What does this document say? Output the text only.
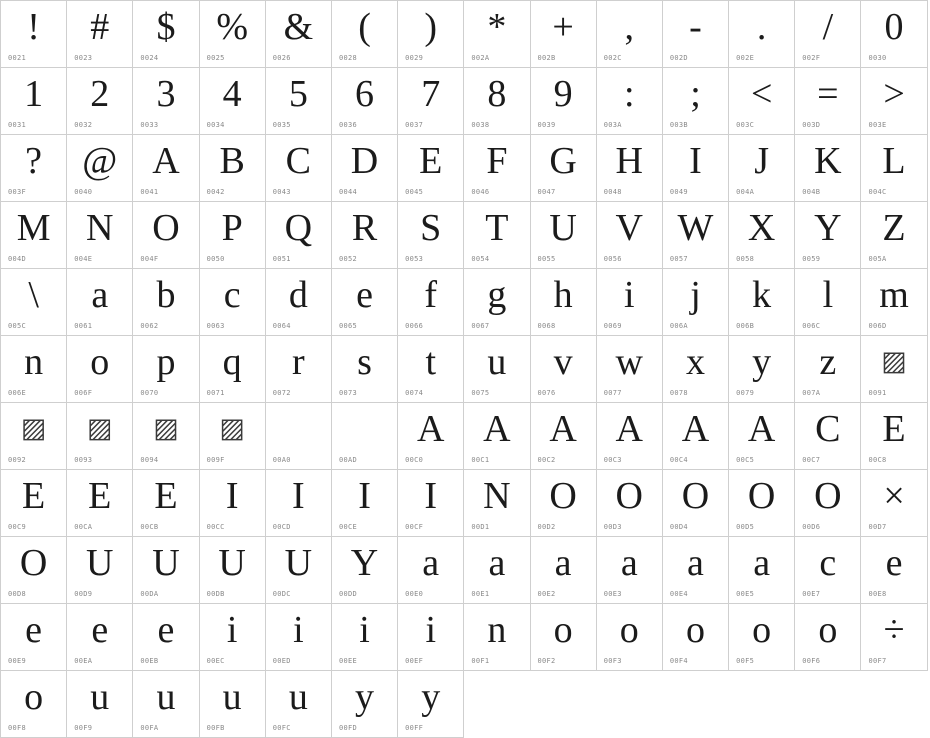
!
0021
#
0023
$
0024
%
0025
&
0026
(
0028
)
0029
*
002A
+
002B
,
002C
-
002D
.
002E
/
002F
0
0030
1
0031
2
0032
3
0033
4
0034
5
0035
6
0036
7
0037
8
0038
9
0039
:
003A
;
003B
<
003C
=
003D
>
003E
?
003F
@
0040
A
0041
B
0042
C
0043
D
0044
E
0045
F
0046
G
0047
H
0048
I
0049
J
004A
K
004B
L
004C
M
004D
N
004E
O
004F
P
0050
Q
0051
R
0052
S
0053
T
0054
U
0055
V
0056
W
0057
X
0058
Y
0059
Z
005A
\
005C
a
0061
b
0062
c
0063
d
0064
e
0065
f
0066
g
0067
h
0068
i
0069
j
006A
k
006B
l
006C
m
006D
n
006E
o
006F
p
0070
q
0071
r
0072
s
0073
t
0074
u
0075
v
0076
w
0077
x
0078
y
0079
z
007A
▨
0091
▨
0092
▨
0093
▨
0094
▨
009F
	00A0
	00AD
A
00C0
A
00C1
A
00C2
A
00C3
A
00C4
A
00C5
C
00C7
E
00C8
E
00C9
E
00CA
E
00CB
I
00CC
I
00CD
I
00CE
I
00CF
N
00D1
O
00D2
O
00D3
O
00D4
O
00D5
O
00D6
×
00D7
O
00D8
U
00D9
U
00DA
U
00DB
U
00DC
Y
00DD
a
00E0
a
00E1
a
00E2
a
00E3
a
00E4
a
00E5
c
00E7
e
00E8
e
00E9
e
00EA
e
00EB
i
00EC
i
00ED
i
00EE
i
00EF
n
00F1
o
00F2
o
00F3
o
00F4
o
00F5
o
00F6
÷
00F7
o
00F8
u
00F9
u
00FA
u
00FB
u
00FC
y
00FD
y
00FF
